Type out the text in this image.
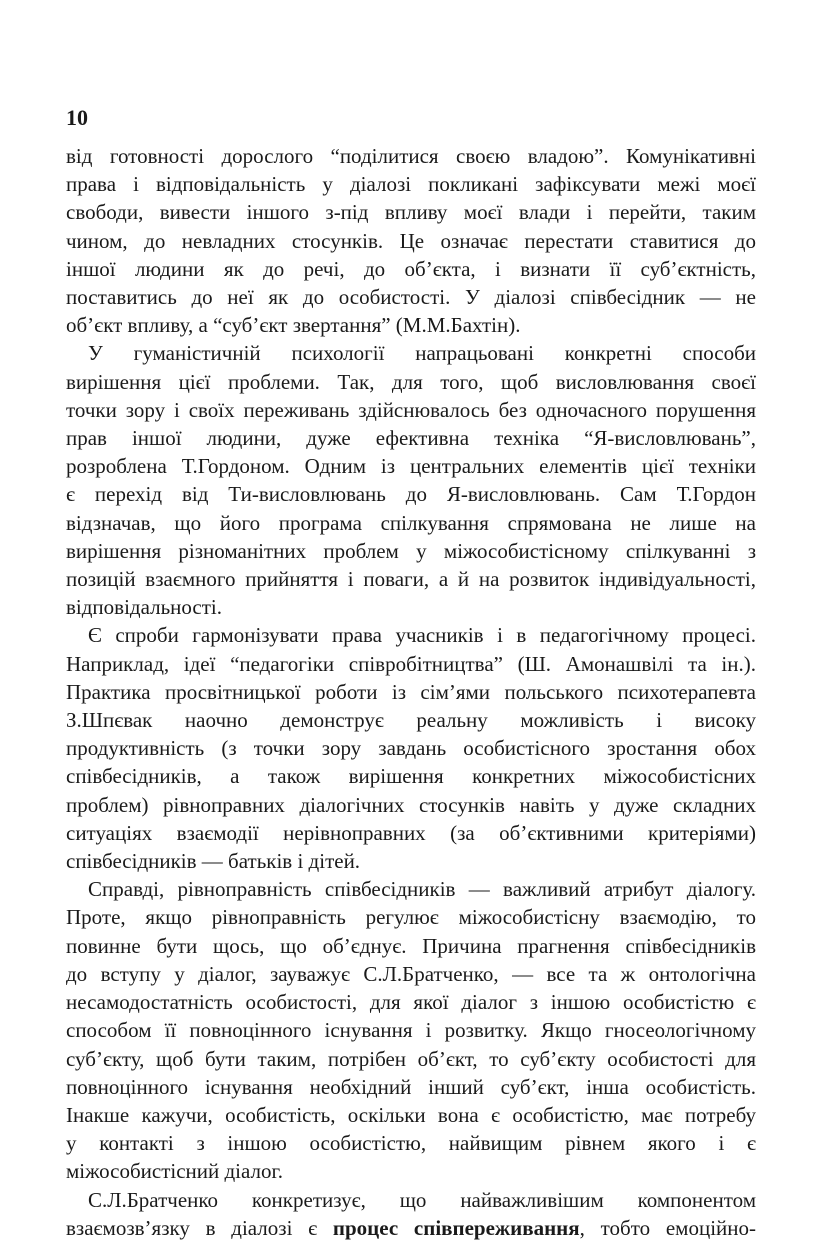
10
від готовності дорослого “поділитися своєю владою”. Комунікативні
права і відповідальність у діалозі покликані зафіксувати межі моєї
свободи, вивести іншого з-під впливу моєї влади і перейти, таким
чином, до невладних стосунків. Це означає перестати ставитися до
іншої людини як до речі, до об’єкта, і визнати її суб’єктність,
поставитись до неї як до особистості. У діалозі співбесідник — не
об’єкт впливу, а “суб’єкт звертання” (М.М.Бахтін).
У гуманістичній психології напрацьовані конкретні способи
вирішення цієї проблеми. Так, для того, щоб висловлювання своєї
точки зору і своїх переживань здійснювалось без одночасного порушення
прав іншої людини, дуже ефективна техніка “Я-висловлювань”,
розроблена Т.Гордоном. Одним із центральних елементів цієї техніки
є перехід від Ти-висловлювань до Я-висловлювань. Сам Т.Гордон
відзначав, що його програма спілкування спрямована не лише на
вирішення різноманітних проблем у міжособистісному спілкуванні з
позицій взаємного прийняття і поваги, а й на розвиток індивідуальності,
відповідальності.
Є спроби гармонізувати права учасників і в педагогічному процесі.
Наприклад, ідеї “педагогіки співробітництва” (Ш. Амонашвілі та ін.).
Практика просвітницької роботи із сім’ями польського психотерапевта
З.Шпєвак наочно демонструє реальну можливість і високу
продуктивність (з точки зору завдань особистісного зростання обох
співбесідників, а також вирішення конкретних міжособистісних
проблем) рівноправних діалогічних стосунків навіть у дуже складних
ситуаціях взаємодії нерівноправних (за об’єктивними критеріями)
співбесідників — батьків і дітей.
Справді, рівноправність співбесідників — важливий атрибут діалогу.
Проте, якщо рівноправність регулює міжособистісну взаємодію, то
повинне бути щось, що об’єднує. Причина прагнення співбесідників
до вступу у діалог, зауважує С.Л.Братченко, — все та ж онтологічна
несамодостатність особистості, для якої діалог з іншою особистістю є
способом її повноцінного існування і розвитку. Якщо гносеологічному
суб’єкту, щоб бути таким, потрібен об’єкт, то суб’єкту особистості для
повноцінного існування необхідний інший суб’єкт, інша особистість.
Інакше кажучи, особистість, оскільки вона є особистістю, має потребу
у контакті з іншою особистістю, найвищим рівнем якого і є
міжособистісний діалог.
С.Л.Братченко конкретизує, що найважливішим компонентом
взаємозв’язку в діалозі є процес співпереживання, тобто емоційно-
